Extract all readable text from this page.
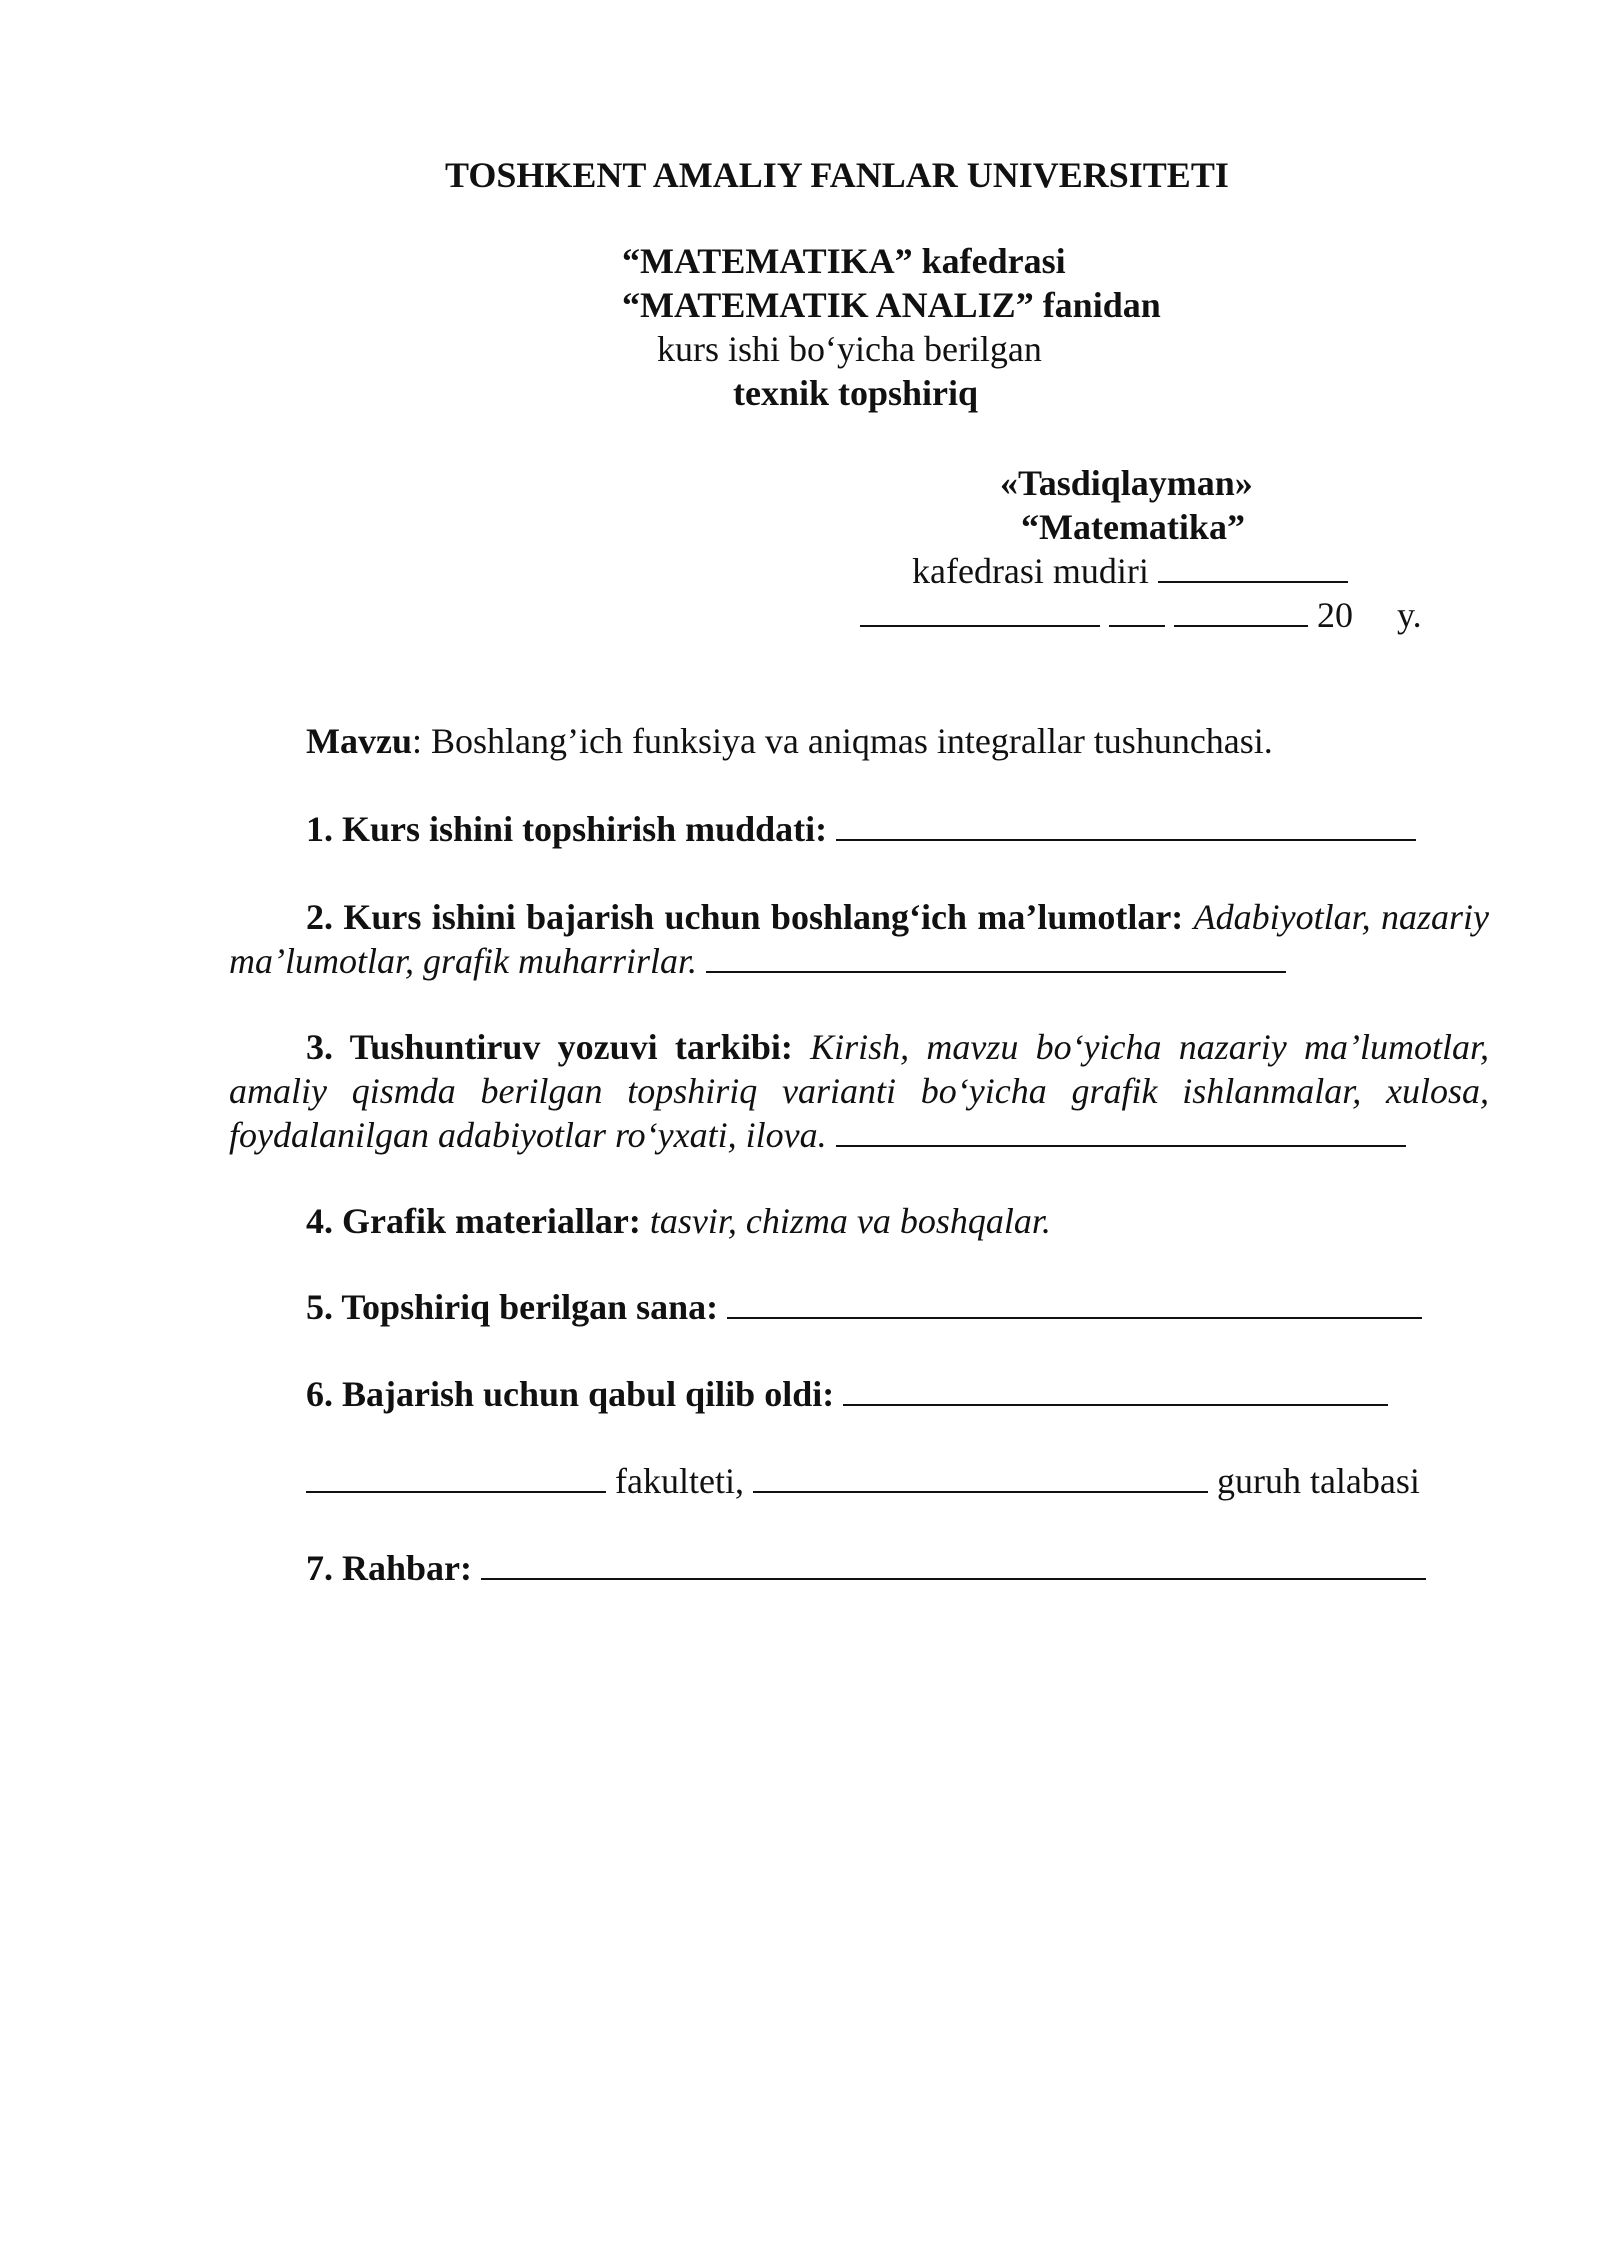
TOSHKENT AMALIY FANLAR UNIVERSITETI
“MATEMATIKA” kafedrasi
“MATEMATIK ANALIZ” fanidan
kurs ishi bo‘yicha berilgan
texnik topshiriq
«Tasdiqlayman»
“Matematika”
kafedrasi mudiri
20 y.
Mavzu: Boshlang’ich funksiya va aniqmas integrallar tushunchasi.
1. Kurs ishini topshirish muddati:
2. Kurs ishini bajarish uchun boshlang‘ich ma’lumotlar: Adabiyotlar, nazariy ma’lumotlar, grafik muharrirlar.
3. Tushuntiruv yozuvi tarkibi: Kirish, mavzu bo‘yicha nazariy ma’lumotlar, amaliy qismda berilgan topshiriq varianti bo‘yicha grafik ishlanmalar, xulosa, foydalanilgan adabiyotlar ro‘yxati, ilova.
4. Grafik materiallar: tasvir, chizma va boshqalar.
5. Topshiriq berilgan sana:
6. Bajarish uchun qabul qilib oldi:
fakulteti,	guruh talabasi
7. Rahbar:
